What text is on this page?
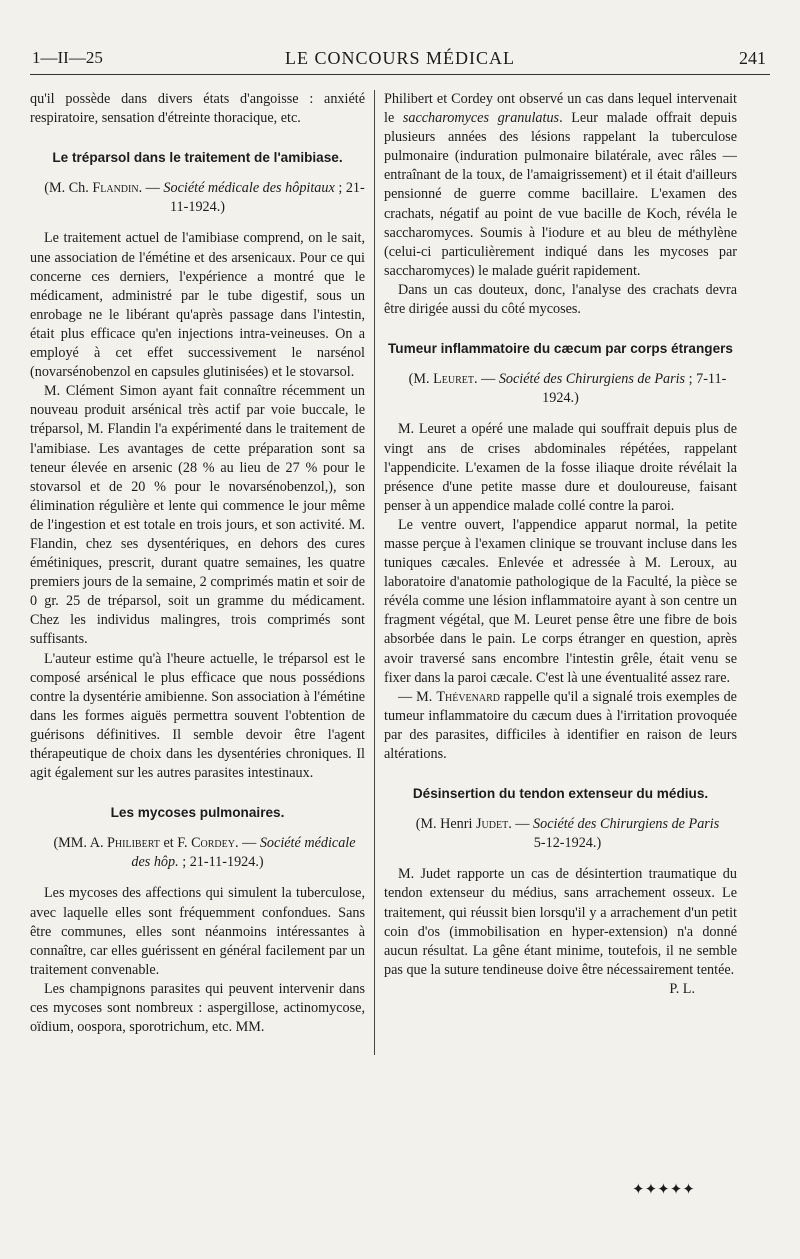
1—II—25	LE CONCOURS MÉDICAL	241

qu'il possède dans divers états d'angoisse : anxiété respiratoire, sensation d'étreinte thoracique, etc.

Le tréparsol dans le traitement de l'amibiase.

(M. Ch. Flandin. — Société médicale des hôpitaux ; 21-11-1924.)

Le traitement actuel de l'amibiase comprend, on le sait, une association de l'émétine et des arsenicaux. Pour ce qui concerne ces derniers, l'expérience a montré que le médicament, administré par le tube digestif, sous un enrobage ne le libérant qu'après passage dans l'intestin, était plus efficace qu'en injections intra-veineuses. On a employé à cet effet successivement le narsénol (novarsénobenzol en capsules glutinisées) et le stovarsol.

M. Clément Simon ayant fait connaître récemment un nouveau produit arsénical très actif par voie buccale, le tréparsol, M. Flandin l'a expérimenté dans le traitement de l'amibiase. Les avantages de cette préparation sont sa teneur élevée en arsenic (28 % au lieu de 27 % pour le stovarsol et de 20 % pour le novarsénobenzol,), son élimination régulière et lente qui commence le jour même de l'ingestion et est totale en trois jours, et son activité. M. Flandin, chez ses dysentériques, en dehors des cures émétiniques, prescrit, durant quatre semaines, les quatre premiers jours de la semaine, 2 comprimés matin et soir de 0 gr. 25 de tréparsol, soit un gramme du médicament. Chez les individus malingres, trois comprimés sont suffisants.

L'auteur estime qu'à l'heure actuelle, le tréparsol est le composé arsénical le plus efficace que nous possédions contre la dysentérie amibienne. Son association à l'émétine dans les formes aiguës permettra souvent l'obtention de guérisons définitives. Il semble devoir être l'agent thérapeutique de choix dans les dysentéries chroniques. Il agit également sur les autres parasites intestinaux.

Les mycoses pulmonaires.

(MM. A. Philibert et F. Cordey. — Société médicale des hôp. ; 21-11-1924.)

Les mycoses des affections qui simulent la tuberculose, avec laquelle elles sont fréquemment confondues. Sans être communes, elles sont néanmoins intéressantes à connaître, car elles guérissent en général facilement par un traitement convenable.

Les champignons parasites qui peuvent intervenir dans ces mycoses sont nombreux : aspergillose, actinomycose, oïdium, oospora, sporotrichum, etc. MM.

Philibert et Cordey ont observé un cas dans lequel intervenait le saccharomyces granulatus. Leur malade offrait depuis plusieurs années des lésions rappelant la tuberculose pulmonaire (induration pulmonaire bilatérale, avec râles — entraînant de la toux, de l'amaigrissement) et il était d'ailleurs pensionné de guerre comme bacillaire. L'examen des crachats, négatif au point de vue bacille de Koch, révéla le saccharomyces. Soumis à l'iodure et au bleu de méthylène (celui-ci particulièrement indiqué dans les mycoses par saccharomyces) le malade guérit rapidement.

Dans un cas douteux, donc, l'analyse des crachats devra être dirigée aussi du côté mycoses.

Tumeur inflammatoire du cæcum par corps étrangers

(M. Leuret. — Société des Chirurgiens de Paris ; 7-11-1924.)

M. Leuret a opéré une malade qui souffrait depuis plus de vingt ans de crises abdominales répétées, rappelant l'appendicite. L'examen de la fosse iliaque droite révélait la présence d'une petite masse dure et douloureuse, faisant penser à un appendice malade collé contre la paroi.

Le ventre ouvert, l'appendice apparut normal, la petite masse perçue à l'examen clinique se trouvant incluse dans les tuniques cæcales. Enlevée et adressée à M. Leroux, au laboratoire d'anatomie pathologique de la Faculté, la pièce se révéla comme une lésion inflammatoire ayant à son centre un fragment végétal, que M. Leuret pense être une fibre de bois absorbée dans le pain. Le corps étranger en question, après avoir traversé sans encombre l'intestin grêle, était venu se fixer dans la paroi cæcale. C'est là une éventualité assez rare.

— M. Thévenard rappelle qu'il a signalé trois exemples de tumeur inflammatoire du cæcum dues à l'irritation provoquée par des parasites, difficiles à identifier en raison de leurs altérations.

Désinsertion du tendon extenseur du médius.

(M. Henri Judet. — Société des Chirurgiens de Paris
5-12-1924.)

M. Judet rapporte un cas de désintertion traumatique du tendon extenseur du médius, sans arrachement osseux. Le traitement, qui réussit bien lorsqu'il y a arrachement d'un petit coin d'os (immobilisation en hyper-extension) n'a donné aucun résultat. La gêne étant minime, toutefois, il ne semble pas que la suture tendineuse doive être nécessairement tentée.

P. L.

✦✦✦✦✦
